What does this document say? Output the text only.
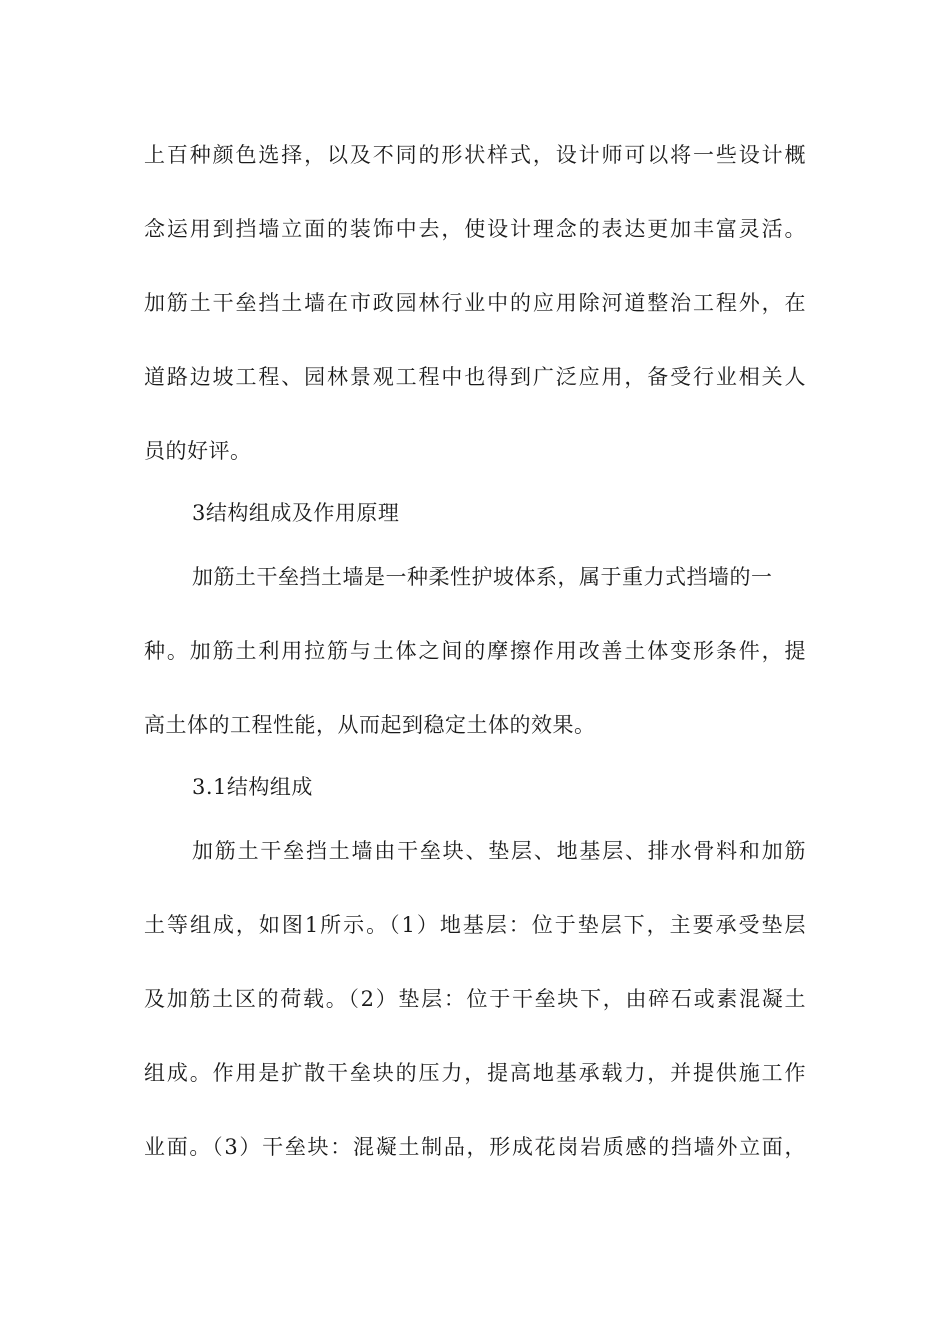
上百种颜色选择，以及不同的形状样式，设计师可以将一些设计概
念运用到挡墙立面的装饰中去，使设计理念的表达更加丰富灵活。
加筋土干垒挡土墙在市政园林行业中的应用除河道整治工程外，在
道路边坡工程、园林景观工程中也得到广泛应用，备受行业相关人
员的好评。
3结构组成及作用原理
加筋土干垒挡土墙是一种柔性护坡体系，属于重力式挡墙的一
种。加筋土利用拉筋与土体之间的摩擦作用改善土体变形条件，提
高土体的工程性能，从而起到稳定土体的效果。
3.1结构组成
加筋土干垒挡土墙由干垒块、垫层、地基层、排水骨料和加筋
土等组成，如图1所示。（1）地基层：位于垫层下，主要承受垫层
及加筋土区的荷载。（2）垫层：位于干垒块下，由碎石或素混凝土
组成。作用是扩散干垒块的压力，提高地基承载力，并提供施工作
业面。（3）干垒块：混凝土制品，形成花岗岩质感的挡墙外立面，
